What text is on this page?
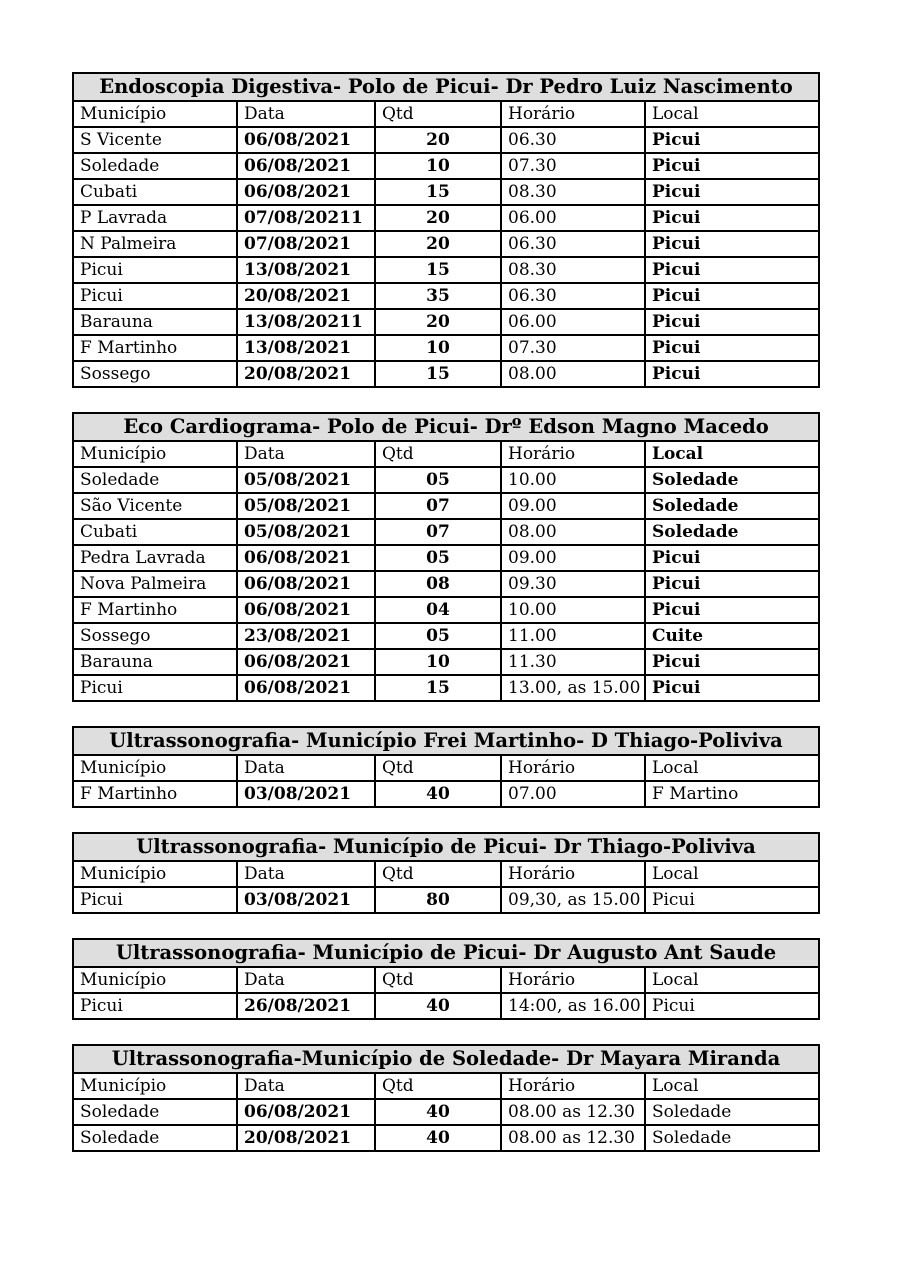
Endoscopia Digestiva- Polo de Picui- Dr Pedro Luiz Nascimento				
Município	Data	Qtd	Horário	Local
S Vicente	06/08/2021	20	06.30	Picui
Soledade	06/08/2021	10	07.30	Picui
Cubati	06/08/2021	15	08.30	Picui
P Lavrada	07/08/20211	20	06.00	Picui
N Palmeira	07/08/2021	20	06.30	Picui
Picui	13/08/2021	15	08.30	Picui
Picui	20/08/2021	35	06.30	Picui
Barauna	13/08/20211	20	06.00	Picui
F Martinho	13/08/2021	10	07.30	Picui
Sossego	20/08/2021	15	08.00	Picui
Eco Cardiograma- Polo de Picui- Drº Edson Magno Macedo				
Município	Data	Qtd	Horário	Local
Soledade	05/08/2021	05	10.00	Soledade
São Vicente	05/08/2021	07	09.00	Soledade
Cubati	05/08/2021	07	08.00	Soledade
Pedra Lavrada	06/08/2021	05	09.00	Picui
Nova Palmeira	06/08/2021	08	09.30	Picui
F Martinho	06/08/2021	04	10.00	Picui
Sossego	23/08/2021	05	11.00	Cuite
Barauna	06/08/2021	10	11.30	Picui
Picui	06/08/2021	15	13.00, as 15.00	Picui
Ultrassonografia- Município Frei Martinho- D Thiago-Poliviva				
Município	Data	Qtd	Horário	Local
F Martinho	03/08/2021	40	07.00	F Martino
Ultrassonografia- Município de Picui- Dr Thiago-Poliviva				
Município	Data	Qtd	Horário	Local
Picui	03/08/2021	80	09,30, as 15.00	Picui
Ultrassonografia- Município de Picui- Dr Augusto Ant Saude				
Município	Data	Qtd	Horário	Local
Picui	26/08/2021	40	14:00, as 16.00	Picui
Ultrassonografia-Município de Soledade- Dr Mayara Miranda				
Município	Data	Qtd	Horário	Local
Soledade	06/08/2021	40	08.00 as 12.30	Soledade
Soledade	20/08/2021	40	08.00 as 12.30	Soledade
